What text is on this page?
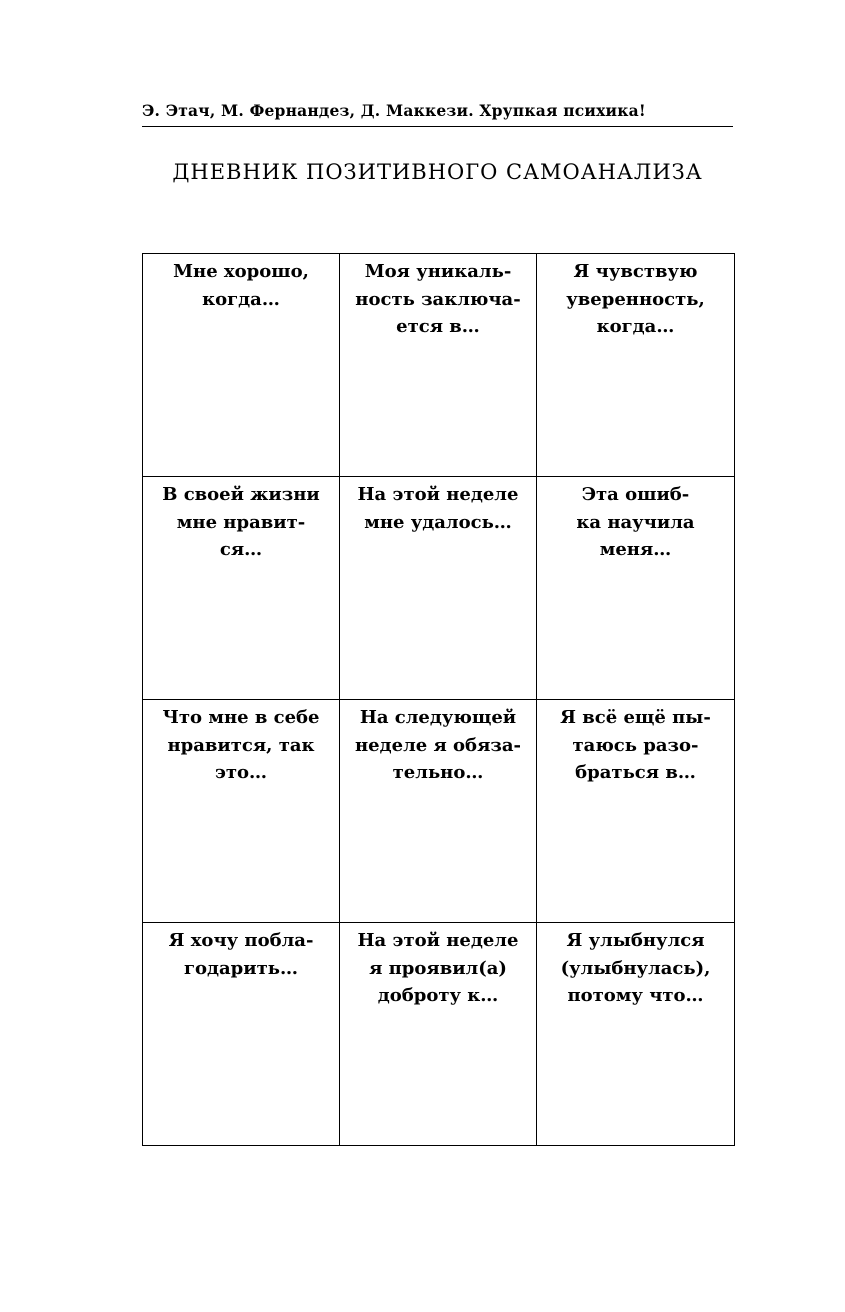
Э. Этач, М. Фернандез, Д. Маккези. Хрупкая психика!
ДНЕВНИК ПОЗИТИВНОГО САМОАНАЛИЗА
Мне хорошо,
когда…	Моя уникаль-
ность заключа-
ется в…	Я чувствую
уверенность,
когда…

В своей жизни
мне нравит-
ся…	На этой неделе
мне удалось…	Эта ошиб-
ка научила
меня…

Что мне в себе
нравится, так
это…	На следующей
неделе я обяза-
тельно…	Я всё ещё пы-
таюсь разо-
браться в…

Я хочу побла-
годарить…	На этой неделе
я проявил(а)
доброту к…	Я улыбнулся
(улыбнулась),
потому что…
